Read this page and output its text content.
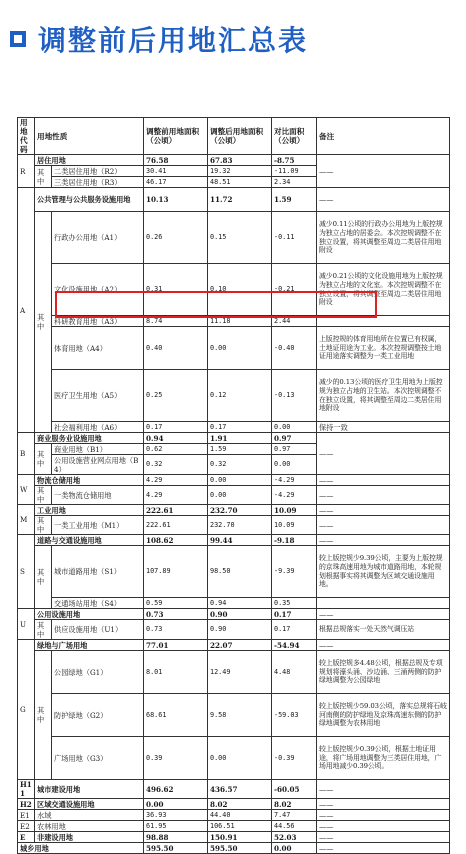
调整前后用地汇总表
用地代码	用地性质		调整前用地面积（公顷）	调整后用地面积（公顷）	对比面积（公顷）	备注
R	居住用地		76.58	67.83	-8.75	——
	其中	二类居住用地（R2）	30.41	19.32	-11.09	
		三类居住用地（R3）	46.17	48.51	2.34	
A	公共管理与公共服务设施用地		10.13	11.72	1.59	——
	其中	行政办公用地（A1）	0.26	0.15	-0.11	减少0.11公顷的行政办公用地为上版控规为独立占地的居委会。本次控规调整不在独立设置，将其调整至周边二类居住用地附设
		文化设施用地（A2）	0.31	0.10	-0.21	减少0.21公顷的文化设施用地为上版控规为独立占地的文化室。本次控规调整不在独立设置，将其调整至周边二类居住用地附设
		科研教育用地（A3）	8.74	11.18	2.44	
		体育用地（A4）	0.40	0.00	-0.40	上版控规的体育用地所在位置已有权属，土地证用途为工业。本次控规调整按土地证用途落实调整为一类工业用地
		医疗卫生用地（A5）	0.25	0.12	-0.13	减少的0.13公顷的医疗卫生用地为上版控规为独立占地的卫生站。本次控规调整不在独立设置，将其调整至周边二类居住用地附设
		社会福利用地（A6）	0.17	0.17	0.00	保持一致
B	商业服务业设施用地		0.94	1.91	0.97	——
	其中	商业用地（B1）	0.62	1.59	0.97	
		公用设施营业网点用地（B4）	0.32	0.32	0.00	
W	物流仓储用地		4.29	0.00	-4.29	——
	其中	一类物流仓储用地	4.29	0.00	-4.29	——
M	工业用地		222.61	232.70	10.09	——
	其中	一类工业用地（M1）	222.61	232.70	10.09	——
S	道路与交通设施用地		108.62	99.44	-9.18	——
	其中	城市道路用地（S1）	107.89	98.50	-9.39	较上版控规少9.39公顷，主要为上版控规的京珠高速用地为城市道路用地，本轮规划根据事实将其调整为区域交通设施用地。
		交通场站用地（S4）	0.59	0.94	0.35	
U	公用设施用地		0.73	0.90	0.17	——
	其中	供应设施用地（U1）	0.73	0.90	0.17	根据总规落实一处天然气调压站
G	绿地与广场用地		77.01	22.07	-54.94	——
	其中	公园绿地（G1）	8.01	12.49	4.48	较上版控规多4.48公顷，根据总规及专项规划将濠头涌、沙边涌、三涌两侧的防护绿地调整为公园绿地
		防护绿地（G2）	68.61	9.58	-59.03	较上版控规少59.03公顷，落实总规将石岐河南侧的防护绿地及京珠高速东侧的防护绿地调整为农林用地
		广场用地（G3）	0.39	0.00	-0.39	较上版控规少0.39公顷，根据土地证用途，将广场用地调整为三类居住用地，广场用地减少0.39公顷。
H11	城市建设用地		496.62	436.57	-60.05	——
H2	区域交通设施用地		0.00	8.02	8.02	——
E1	水域		36.93	44.40	7.47	——
E2	农林用地		61.95	106.51	44.56	——
E	非建设用地		98.88	150.91	52.03	——
城乡用地			595.50	595.50	0.00	——
